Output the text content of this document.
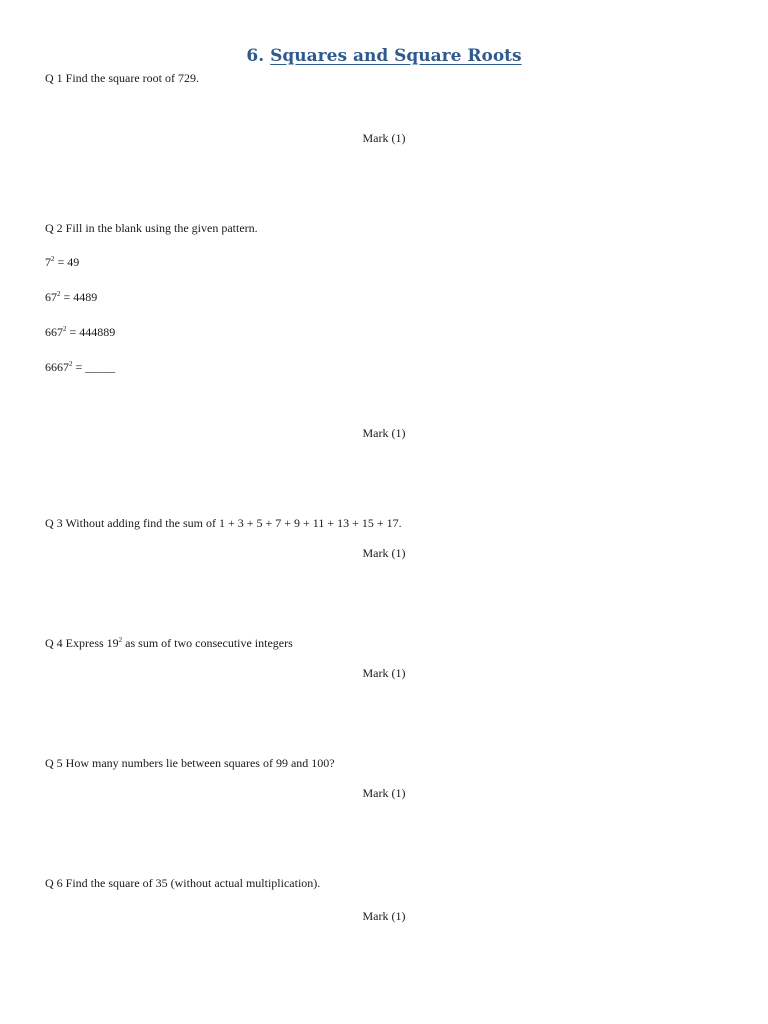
6. Squares and Square Roots
Q 1 Find the square root of 729.
Mark (1)
Q 2 Fill in the blank using the given pattern.
$7^2 = 49$
$67^2 = 4489$
$667^2 = 444889$
$6667^2$ = _____
Mark (1)
Q 3 Without adding find the sum of 1 + 3 + 5 + 7 + 9 + 11 + 13 + 15 + 17.
Mark (1)
Q 4 Express $19^2$ as sum of two consecutive integers
Mark (1)
Q 5 How many numbers lie between squares of 99 and 100?
Mark (1)
Q 6 Find the square of 35 (without actual multiplication).
Mark (1)
